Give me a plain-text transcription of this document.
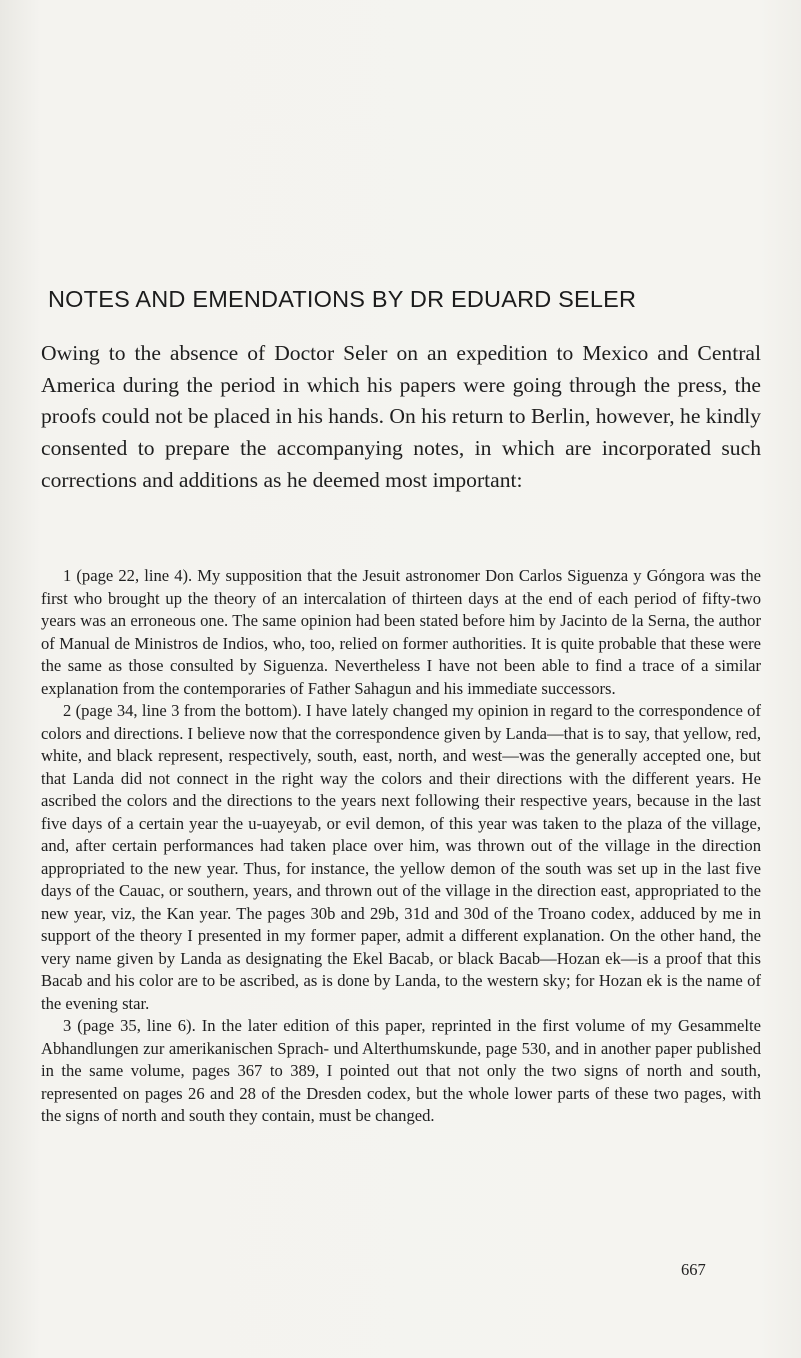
NOTES AND EMENDATIONS BY DR EDUARD SELER

Owing to the absence of Doctor Seler on an expedition to Mexico and Central America during the period in which his papers were going through the press, the proofs could not be placed in his hands. On his return to Berlin, however, he kindly consented to prepare the accompanying notes, in which are incorporated such corrections and additions as he deemed most important:

1 (page 22, line 4). My supposition that the Jesuit astronomer Don Carlos Siguenza y Góngora was the first who brought up the theory of an intercalation of thirteen days at the end of each period of fifty-two years was an erroneous one. The same opinion had been stated before him by Jacinto de la Serna, the author of Manual de Ministros de Indios, who, too, relied on former authorities. It is quite probable that these were the same as those consulted by Siguenza. Nevertheless I have not been able to find a trace of a similar explanation from the contemporaries of Father Sahagun and his immediate successors.

2 (page 34, line 3 from the bottom). I have lately changed my opinion in regard to the correspondence of colors and directions. I believe now that the correspondence given by Landa—that is to say, that yellow, red, white, and black represent, respectively, south, east, north, and west—was the generally accepted one, but that Landa did not connect in the right way the colors and their directions with the different years. He ascribed the colors and the directions to the years next following their respective years, because in the last five days of a certain year the u-uayeyab, or evil demon, of this year was taken to the plaza of the village, and, after certain performances had taken place over him, was thrown out of the village in the direction appropriated to the new year. Thus, for instance, the yellow demon of the south was set up in the last five days of the Cauac, or southern, years, and thrown out of the village in the direction east, appropriated to the new year, viz, the Kan year. The pages 30b and 29b, 31d and 30d of the Troano codex, adduced by me in support of the theory I presented in my former paper, admit a different explanation. On the other hand, the very name given by Landa as designating the Ekel Bacab, or black Bacab—Hozan ek—is a proof that this Bacab and his color are to be ascribed, as is done by Landa, to the western sky; for Hozan ek is the name of the evening star.

3 (page 35, line 6). In the later edition of this paper, reprinted in the first volume of my Gesammelte Abhandlungen zur amerikanischen Sprach- und Alterthumskunde, page 530, and in another paper published in the same volume, pages 367 to 389, I pointed out that not only the two signs of north and south, represented on pages 26 and 28 of the Dresden codex, but the whole lower parts of these two pages, with the signs of north and south they contain, must be changed.

667
